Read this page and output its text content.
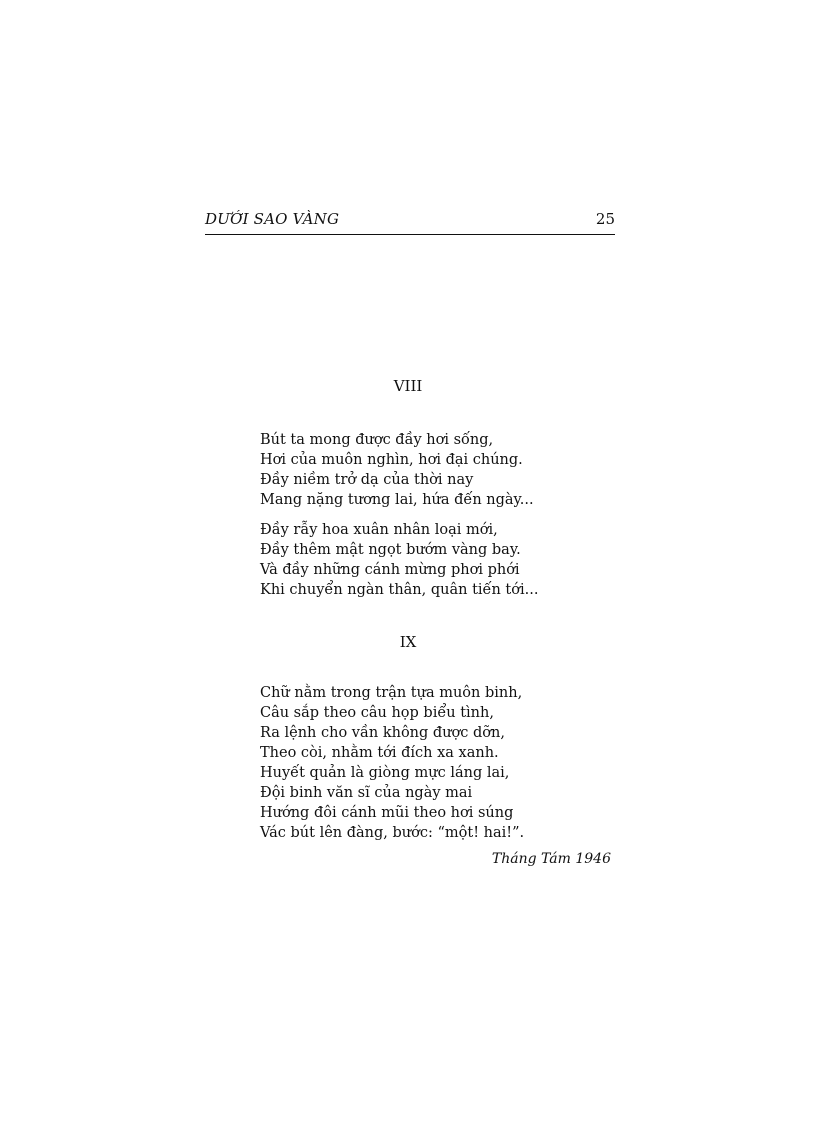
DƯỚI SAO VÀNG	25
VIII
Bút ta mong được đầy hơi sống,
Hơi của muôn nghìn, hơi đại chúng.
Đầy niềm trở dạ của thời nay
Mang nặng tương lai, hứa đến ngày...
Đầy rẫy hoa xuân nhân loại mới,
Đầy thêm mật ngọt bướm vàng bay.
Và đầy những cánh mừng phơi phới
Khi chuyển ngàn thân, quân tiến tới...
IX
Chữ nằm trong trận tựa muôn binh,
Câu sắp theo câu họp biểu tình,
Ra lệnh cho vần không được dỡn,
Theo còi, nhằm tới đích xa xanh.
Huyết quản là giòng mực láng lai,
Đội binh văn sĩ của ngày mai
Hướng đôi cánh mũi theo hơi súng
Vác bút lên đàng, bước: “một! hai!”.
Tháng Tám 1946
